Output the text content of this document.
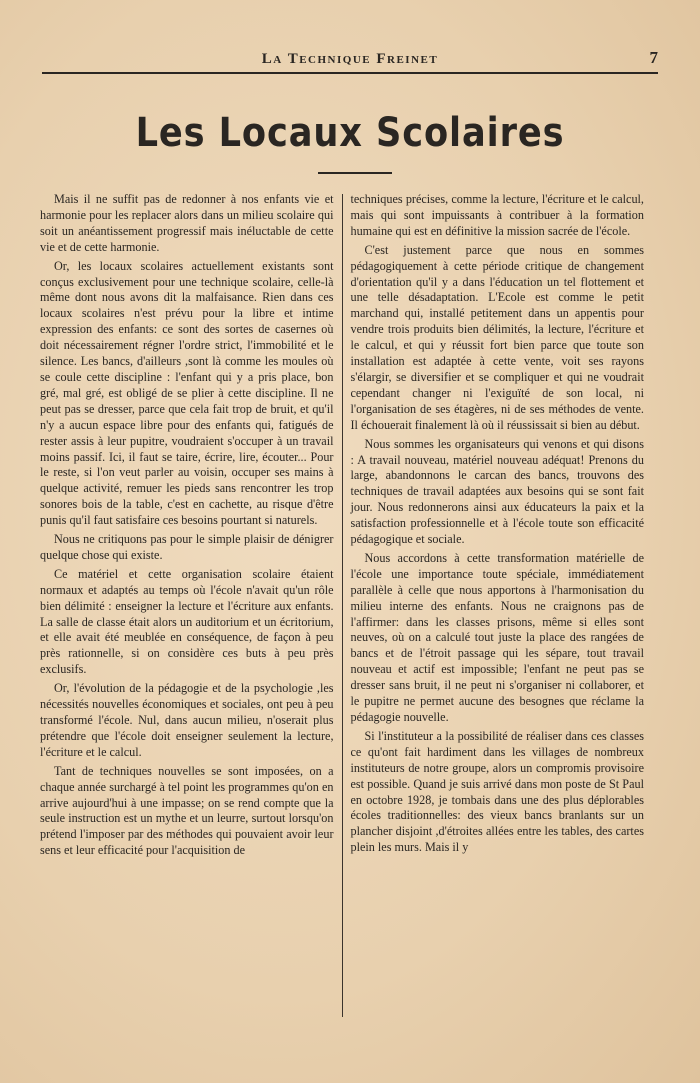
La Technique Freinet	7
Les Locaux Scolaires

Mais il ne suffit pas de redonner à nos enfants vie et harmonie pour les replacer alors dans un milieu scolaire qui soit un anéantissement progressif mais inéluctable de cette vie et de cette harmonie.

Or, les locaux scolaires actuellement existants sont conçus exclusivement pour une technique scolaire, celle-là même dont nous avons dit la malfaisance. Rien dans ces locaux scolaires n'est prévu pour la libre et intime expression des enfants: ce sont des sortes de casernes où doit nécessairement régner l'ordre strict, l'immobilité et le silence. Les bancs, d'ailleurs ,sont là comme les moules où se coule cette discipline : l'enfant qui y a pris place, bon gré, mal gré, est obligé de se plier à cette discipline. Il ne peut pas se dresser, parce que cela fait trop de bruit, et qu'il n'y a aucun espace libre pour des enfants qui, fatigués de rester assis à leur pupitre, voudraient s'occuper à un travail moins passif. Ici, il faut se taire, écrire, lire, écouter... Pour le reste, si l'on veut parler au voisin, occuper ses mains à quelque activité, remuer les pieds sans rencontrer les trop sonores bois de la table, c'est en cachette, au risque d'être punis qu'il faut satisfaire ces besoins pourtant si naturels.

Nous ne critiquons pas pour le simple plaisir de dénigrer quelque chose qui existe.

Ce matériel et cette organisation scolaire étaient normaux et adaptés au temps où l'école n'avait qu'un rôle bien délimité : enseigner la lecture et l'écriture aux enfants. La salle de classe était alors un auditorium et un écritorium, et elle avait été meublée en conséquence, de façon à peu près rationnelle, si on considère ces buts à peu près exclusifs.

Or, l'évolution de la pédagogie et de la psychologie ,les nécessités nouvelles économiques et sociales, ont peu à peu transformé l'école. Nul, dans aucun milieu, n'oserait plus prétendre que l'école doit enseigner seulement la lecture, l'écriture et le calcul.

Tant de techniques nouvelles se sont imposées, on a chaque année surchargé à tel point les programmes qu'on en arrive aujourd'hui à une impasse; on se rend compte que la seule instruction est un mythe et un leurre, surtout lorsqu'on prétend l'imposer par des méthodes qui pouvaient avoir leur sens et leur efficacité pour l'acquisition de

techniques précises, comme la lecture, l'écriture et le calcul, mais qui sont impuissants à contribuer à la formation humaine qui est en définitive la mission sacrée de l'école.

C'est justement parce que nous en sommes pédagogiquement à cette période critique de changement d'orientation qu'il y a dans l'éducation un tel flottement et une telle désadaptation. L'Ecole est comme le petit marchand qui, installé petitement dans un appentis pour vendre trois produits bien délimités, la lecture, l'écriture et le calcul, et qui y réussit fort bien parce que toute son installation est adaptée à cette vente, voit ses rayons s'élargir, se diversifier et se compliquer et qui ne voudrait cependant changer ni l'exiguïté de son local, ni l'organisation de ses étagères, ni de ses méthodes de vente. Il échouerait finalement là où il réussissait si bien au début.

Nous sommes les organisateurs qui venons et qui disons : A travail nouveau, matériel nouveau adéquat! Prenons du large, abandonnons le carcan des bancs, trouvons des techniques de travail adaptées aux besoins qui se sont fait jour. Nous redonnerons ainsi aux éducateurs la paix et la satisfaction professionnelle et à l'école toute son efficacité pédagogique et sociale.

Nous accordons à cette transformation matérielle de l'école une importance toute spéciale, immédiatement parallèle à celle que nous apportons à l'harmonisation du milieu interne des enfants. Nous ne craignons pas de l'affirmer: dans les classes prisons, même si elles sont neuves, où on a calculé tout juste la place des rangées de bancs et de l'étroit passage qui les sépare, tout travail nouveau et actif est impossible; l'enfant ne peut pas se dresser sans bruit, il ne peut ni s'organiser ni collaborer, et le pupitre ne permet aucune des besognes que réclame la pédagogie nouvelle.

Si l'instituteur a la possibilité de réaliser dans ces classes ce qu'ont fait hardiment dans les villages de nombreux instituteurs de notre groupe, alors un compromis provisoire est possible. Quand je suis arrivé dans mon poste de St Paul en octobre 1928, je tombais dans une des plus déplorables écoles traditionnelles: des vieux bancs branlants sur un plancher disjoint ,d'étroites allées entre les tables, des cartes plein les murs. Mais il y
